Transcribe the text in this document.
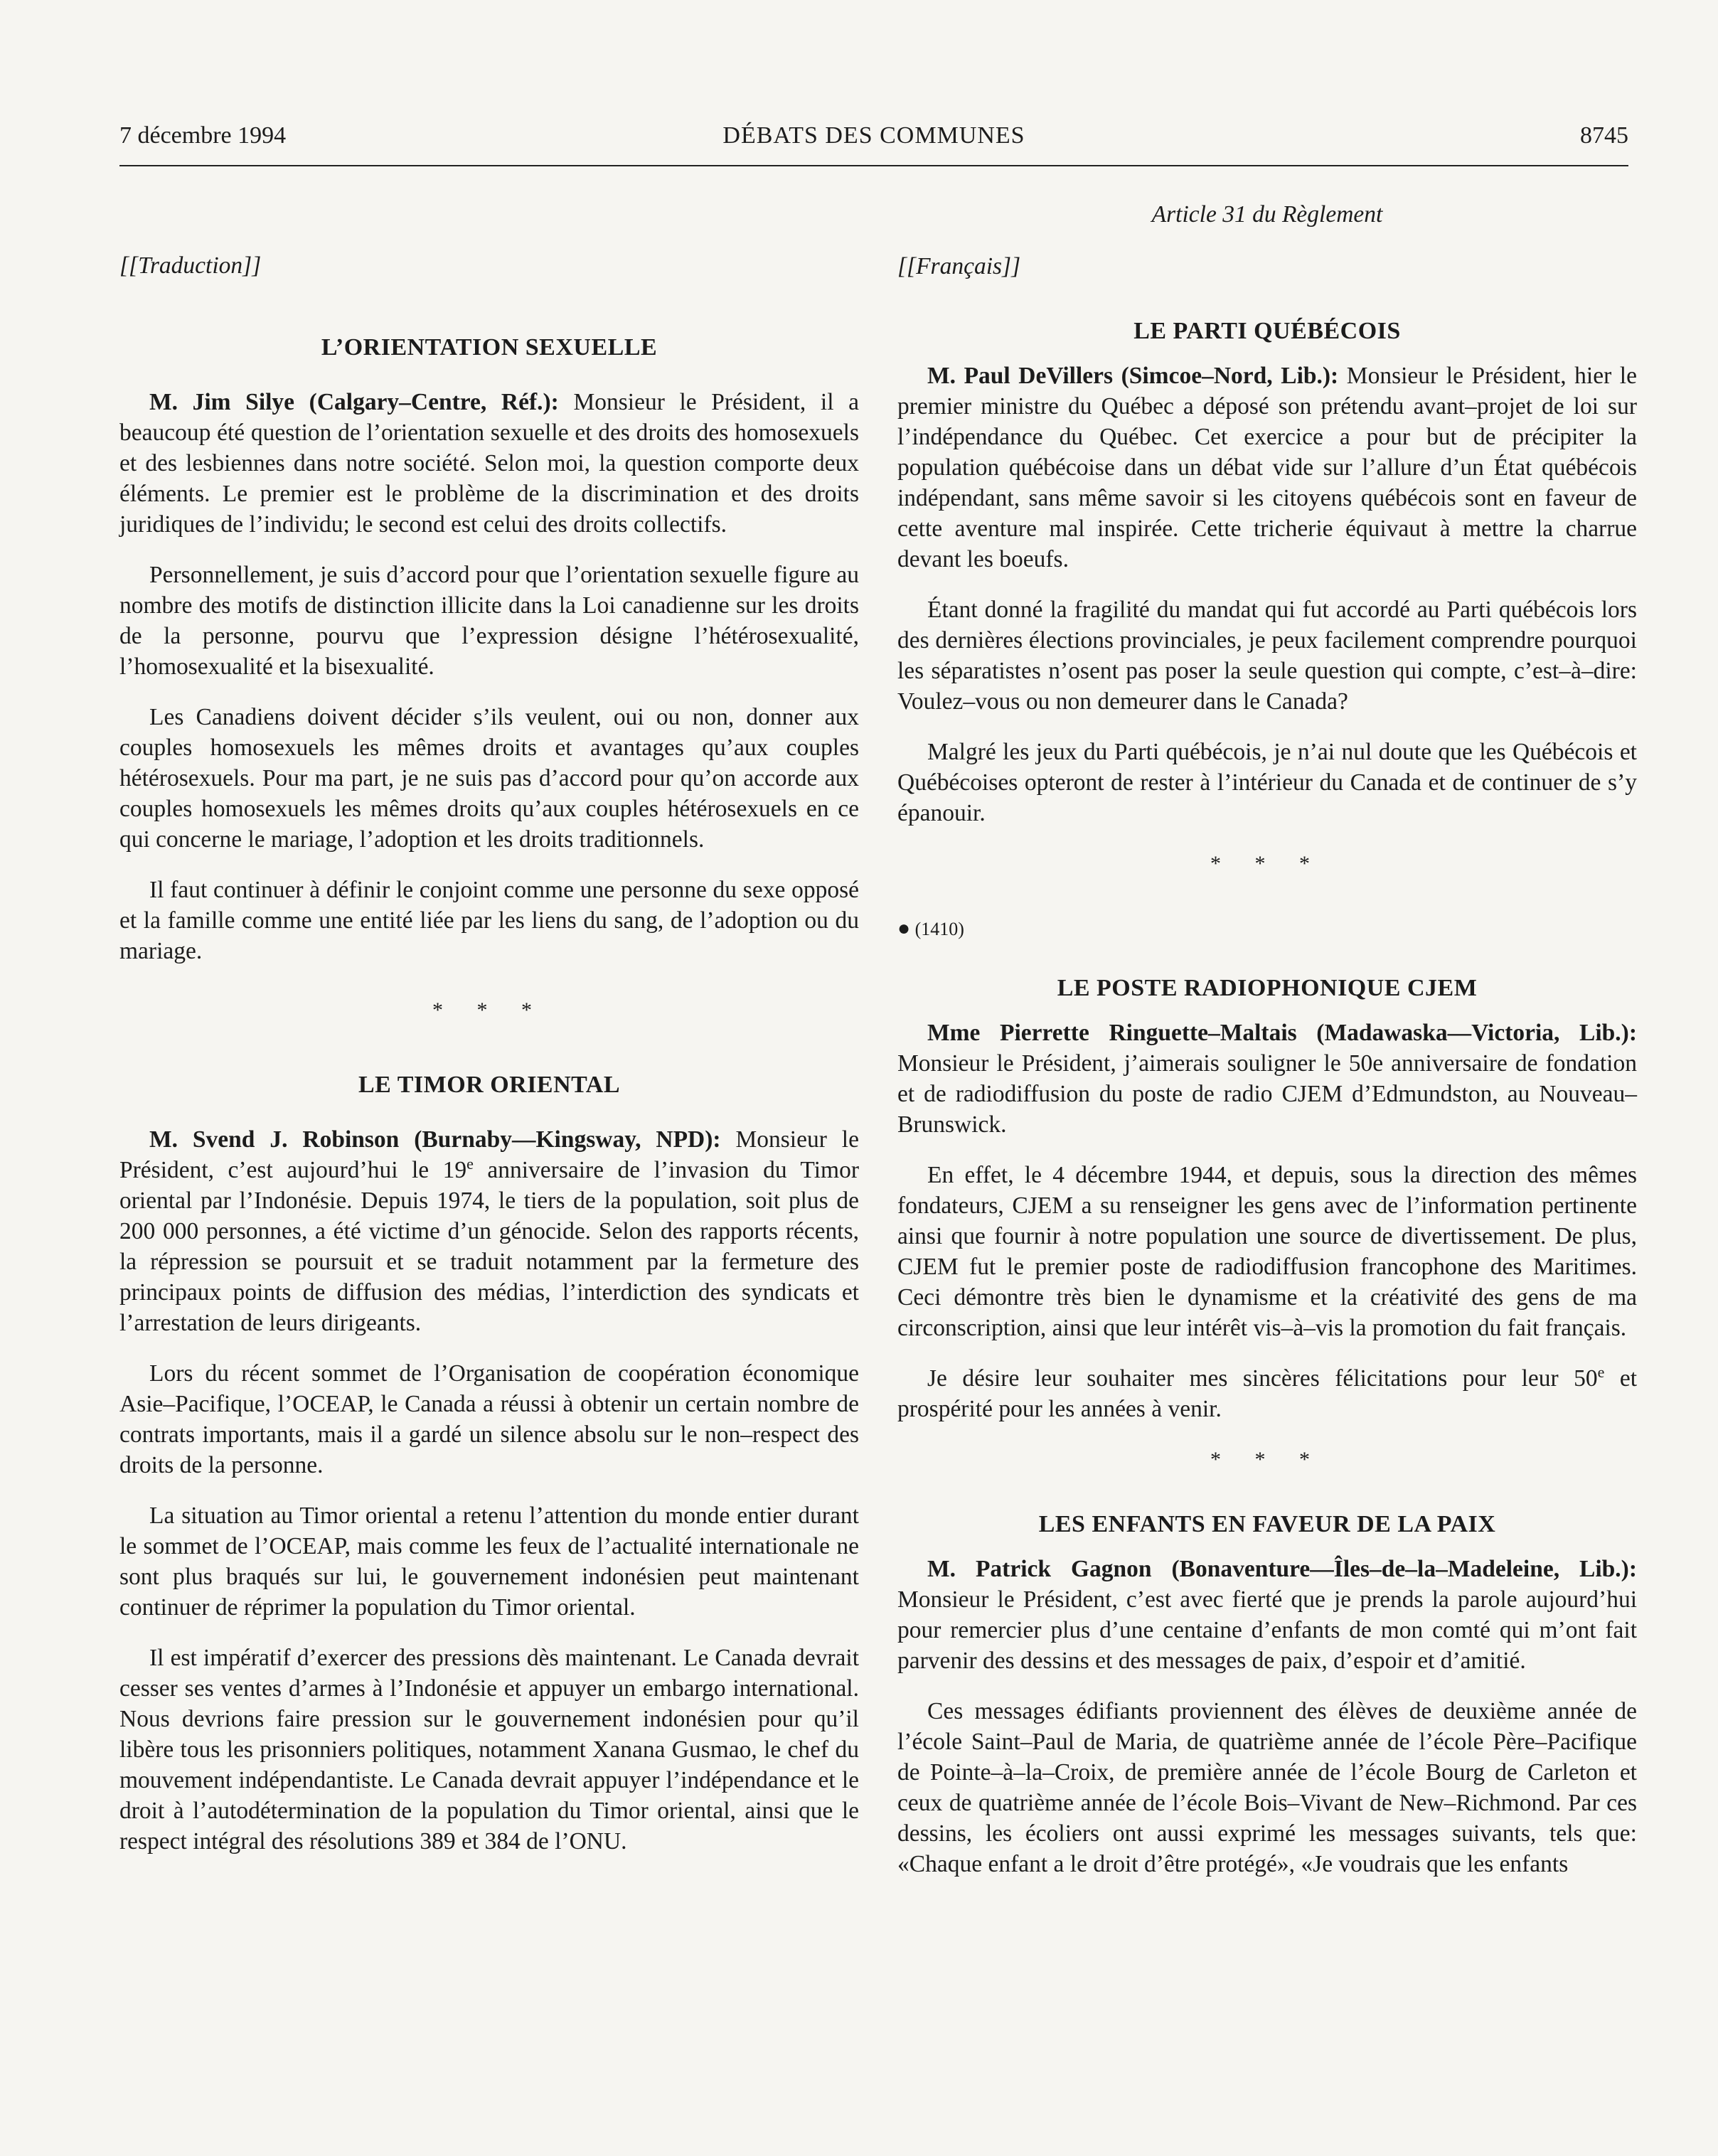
7 décembre 1994	DÉBATS DES COMMUNES	8745

[[Traduction]]

L’ORIENTATION SEXUELLE

M. Jim Silye (Calgary–Centre, Réf.): Monsieur le Président, il a beaucoup été question de l’orientation sexuelle et des droits des homosexuels et des lesbiennes dans notre société. Selon moi, la question comporte deux éléments. Le premier est le problème de la discrimination et des droits juridiques de l’individu; le second est celui des droits collectifs.

Personnellement, je suis d’accord pour que l’orientation sexuelle figure au nombre des motifs de distinction illicite dans la Loi canadienne sur les droits de la personne, pourvu que l’expression désigne l’hétérosexualité, l’homosexualité et la bisexualité.

Les Canadiens doivent décider s’ils veulent, oui ou non, donner aux couples homosexuels les mêmes droits et avantages qu’aux couples hétérosexuels. Pour ma part, je ne suis pas d’accord pour qu’on accorde aux couples homosexuels les mêmes droits qu’aux couples hétérosexuels en ce qui concerne le mariage, l’adoption et les droits traditionnels.

Il faut continuer à définir le conjoint comme une personne du sexe opposé et la famille comme une entité liée par les liens du sang, de l’adoption ou du mariage.

* * *

LE TIMOR ORIENTAL

M. Svend J. Robinson (Burnaby—Kingsway, NPD): Monsieur le Président, c’est aujourd’hui le 19e anniversaire de l’invasion du Timor oriental par l’Indonésie. Depuis 1974, le tiers de la population, soit plus de 200 000 personnes, a été victime d’un génocide. Selon des rapports récents, la répression se poursuit et se traduit notamment par la fermeture des principaux points de diffusion des médias, l’interdiction des syndicats et l’arrestation de leurs dirigeants.

Lors du récent sommet de l’Organisation de coopération économique Asie–Pacifique, l’OCEAP, le Canada a réussi à obtenir un certain nombre de contrats importants, mais il a gardé un silence absolu sur le non–respect des droits de la personne.

La situation au Timor oriental a retenu l’attention du monde entier durant le sommet de l’OCEAP, mais comme les feux de l’actualité internationale ne sont plus braqués sur lui, le gouvernement indonésien peut maintenant continuer de réprimer la population du Timor oriental.

Il est impératif d’exercer des pressions dès maintenant. Le Canada devrait cesser ses ventes d’armes à l’Indonésie et appuyer un embargo international. Nous devrions faire pression sur le gouvernement indonésien pour qu’il libère tous les prisonniers politiques, notamment Xanana Gusmao, le chef du mouvement indépendantiste. Le Canada devrait appuyer l’indépendance et le droit à l’autodétermination de la population du Timor oriental, ainsi que le respect intégral des résolutions 389 et 384 de l’ONU.

Article 31 du Règlement

[[Français]]

LE PARTI QUÉBÉCOIS

M. Paul DeVillers (Simcoe–Nord, Lib.): Monsieur le Président, hier le premier ministre du Québec a déposé son prétendu avant–projet de loi sur l’indépendance du Québec. Cet exercice a pour but de précipiter la population québécoise dans un débat vide sur l’allure d’un État québécois indépendant, sans même savoir si les citoyens québécois sont en faveur de cette aventure mal inspirée. Cette tricherie équivaut à mettre la charrue devant les boeufs.

Étant donné la fragilité du mandat qui fut accordé au Parti québécois lors des dernières élections provinciales, je peux facilement comprendre pourquoi les séparatistes n’osent pas poser la seule question qui compte, c’est–à–dire: Voulez–vous ou non demeurer dans le Canada?

Malgré les jeux du Parti québécois, je n’ai nul doute que les Québécois et Québécoises opteront de rester à l’intérieur du Canada et de continuer de s’y épanouir.

* * *

● (1410)

LE POSTE RADIOPHONIQUE CJEM

Mme Pierrette Ringuette–Maltais (Madawaska—Victoria, Lib.): Monsieur le Président, j’aimerais souligner le 50e anniversaire de fondation et de radiodiffusion du poste de radio CJEM d’Edmundston, au Nouveau–Brunswick.

En effet, le 4 décembre 1944, et depuis, sous la direction des mêmes fondateurs, CJEM a su renseigner les gens avec de l’information pertinente ainsi que fournir à notre population une source de divertissement. De plus, CJEM fut le premier poste de radiodiffusion francophone des Maritimes. Ceci démontre très bien le dynamisme et la créativité des gens de ma circonscription, ainsi que leur intérêt vis–à–vis la promotion du fait français.

Je désire leur souhaiter mes sincères félicitations pour leur 50e et prospérité pour les années à venir.

* * *

LES ENFANTS EN FAVEUR DE LA PAIX

M. Patrick Gagnon (Bonaventure—Îles–de–la–Madeleine, Lib.): Monsieur le Président, c’est avec fierté que je prends la parole aujourd’hui pour remercier plus d’une centaine d’enfants de mon comté qui m’ont fait parvenir des dessins et des messages de paix, d’espoir et d’amitié.

Ces messages édifiants proviennent des élèves de deuxième année de l’école Saint–Paul de Maria, de quatrième année de l’école Père–Pacifique de Pointe–à–la–Croix, de première année de l’école Bourg de Carleton et ceux de quatrième année de l’école Bois–Vivant de New–Richmond. Par ces dessins, les écoliers ont aussi exprimé les messages suivants, tels que: «Chaque enfant a le droit d’être protégé», «Je voudrais que les enfants
